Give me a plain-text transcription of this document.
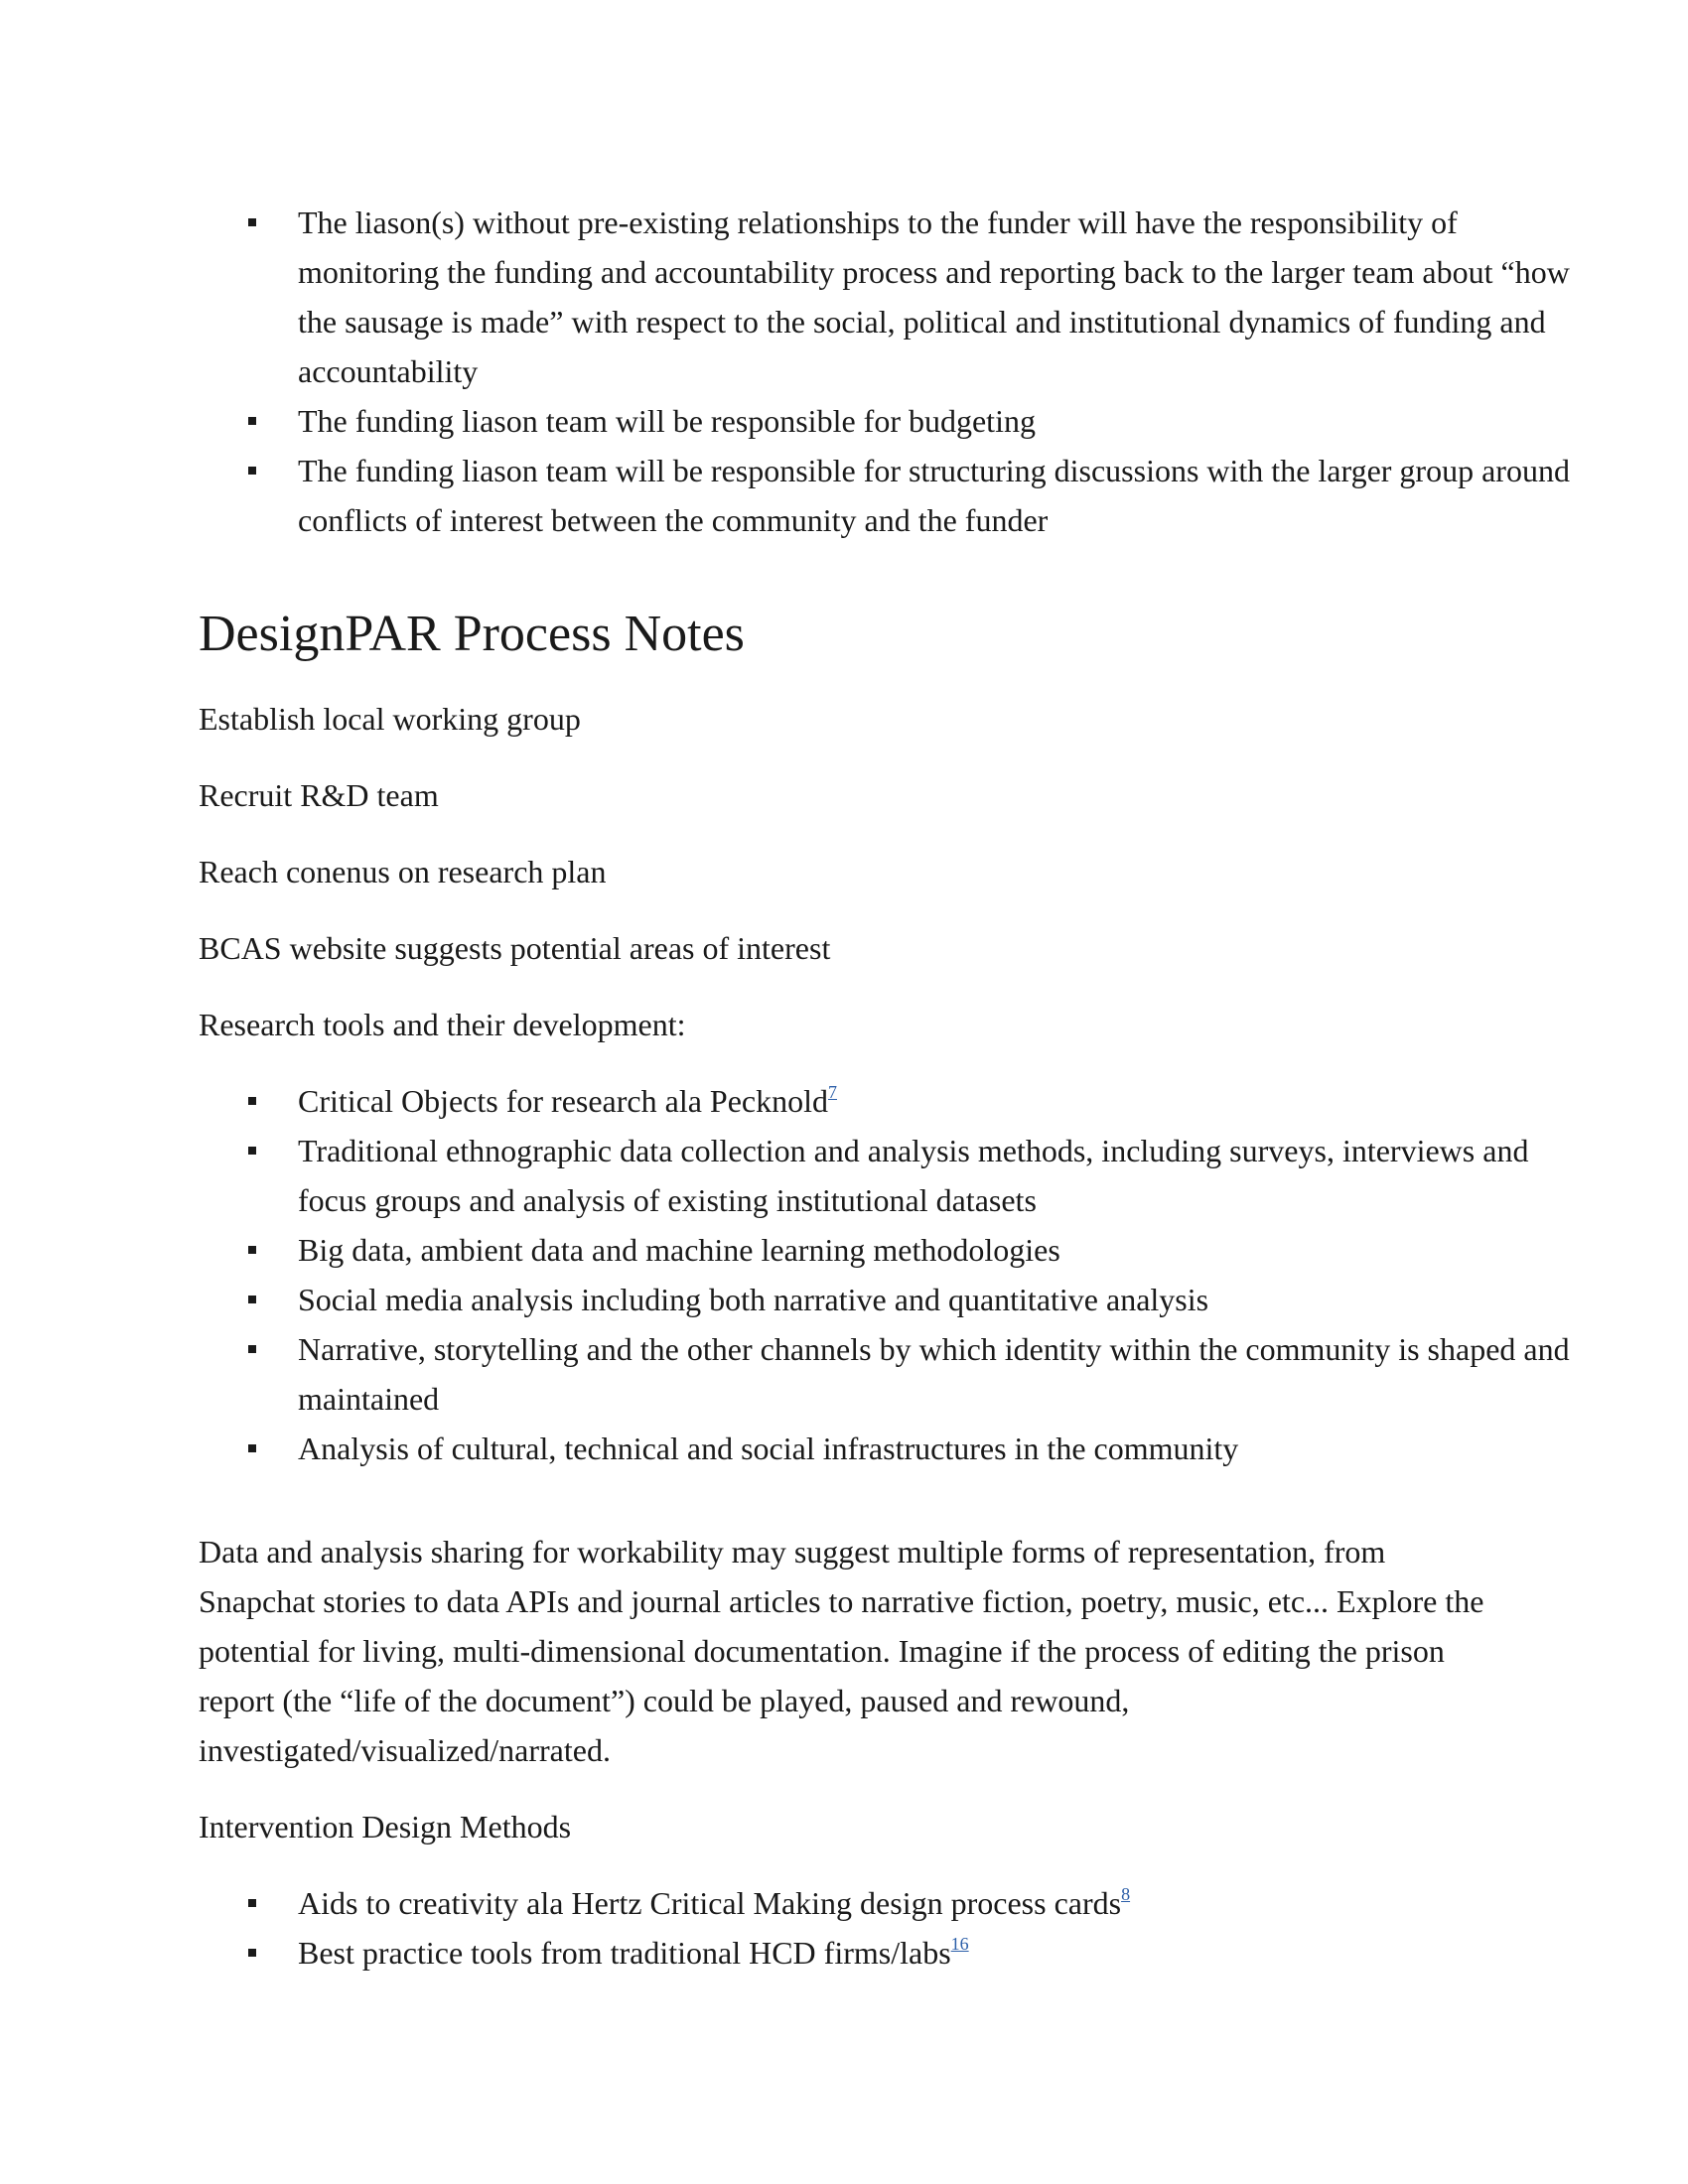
The liason(s) without pre-existing relationships to the funder will have the responsibility of monitoring the funding and accountability process and reporting back to the larger team about “how the sausage is made” with respect to the social, political and institutional dynamics of funding and accountability
The funding liason team will be responsible for budgeting
The funding liason team will be responsible for structuring discussions with the larger group around conflicts of interest between the community and the funder
DesignPAR Process Notes

Establish local working group

Recruit R&D team

Reach conenus on research plan

BCAS website suggests potential areas of interest

Research tools and their development:

Critical Objects for research ala Pecknold$^7$
Traditional ethnographic data collection and analysis methods, including surveys, interviews and focus groups and analysis of existing institutional datasets
Big data, ambient data and machine learning methodologies
Social media analysis including both narrative and quantitative analysis
Narrative, storytelling and the other channels by which identity within the community is shaped and maintained
Analysis of cultural, technical and social infrastructures in the community

Data and analysis sharing for workability may suggest multiple forms of representation, from Snapchat stories to data APIs and journal articles to narrative fiction, poetry, music, etc... Explore the potential for living, multi-dimensional documentation. Imagine if the process of editing the prison report (the “life of the document”) could be played, paused and rewound, investigated/visualized/narrated.

Intervention Design Methods

Aids to creativity ala Hertz Critical Making design process cards$^8$
Best practice tools from traditional HCD firms/labs$^{16}$
